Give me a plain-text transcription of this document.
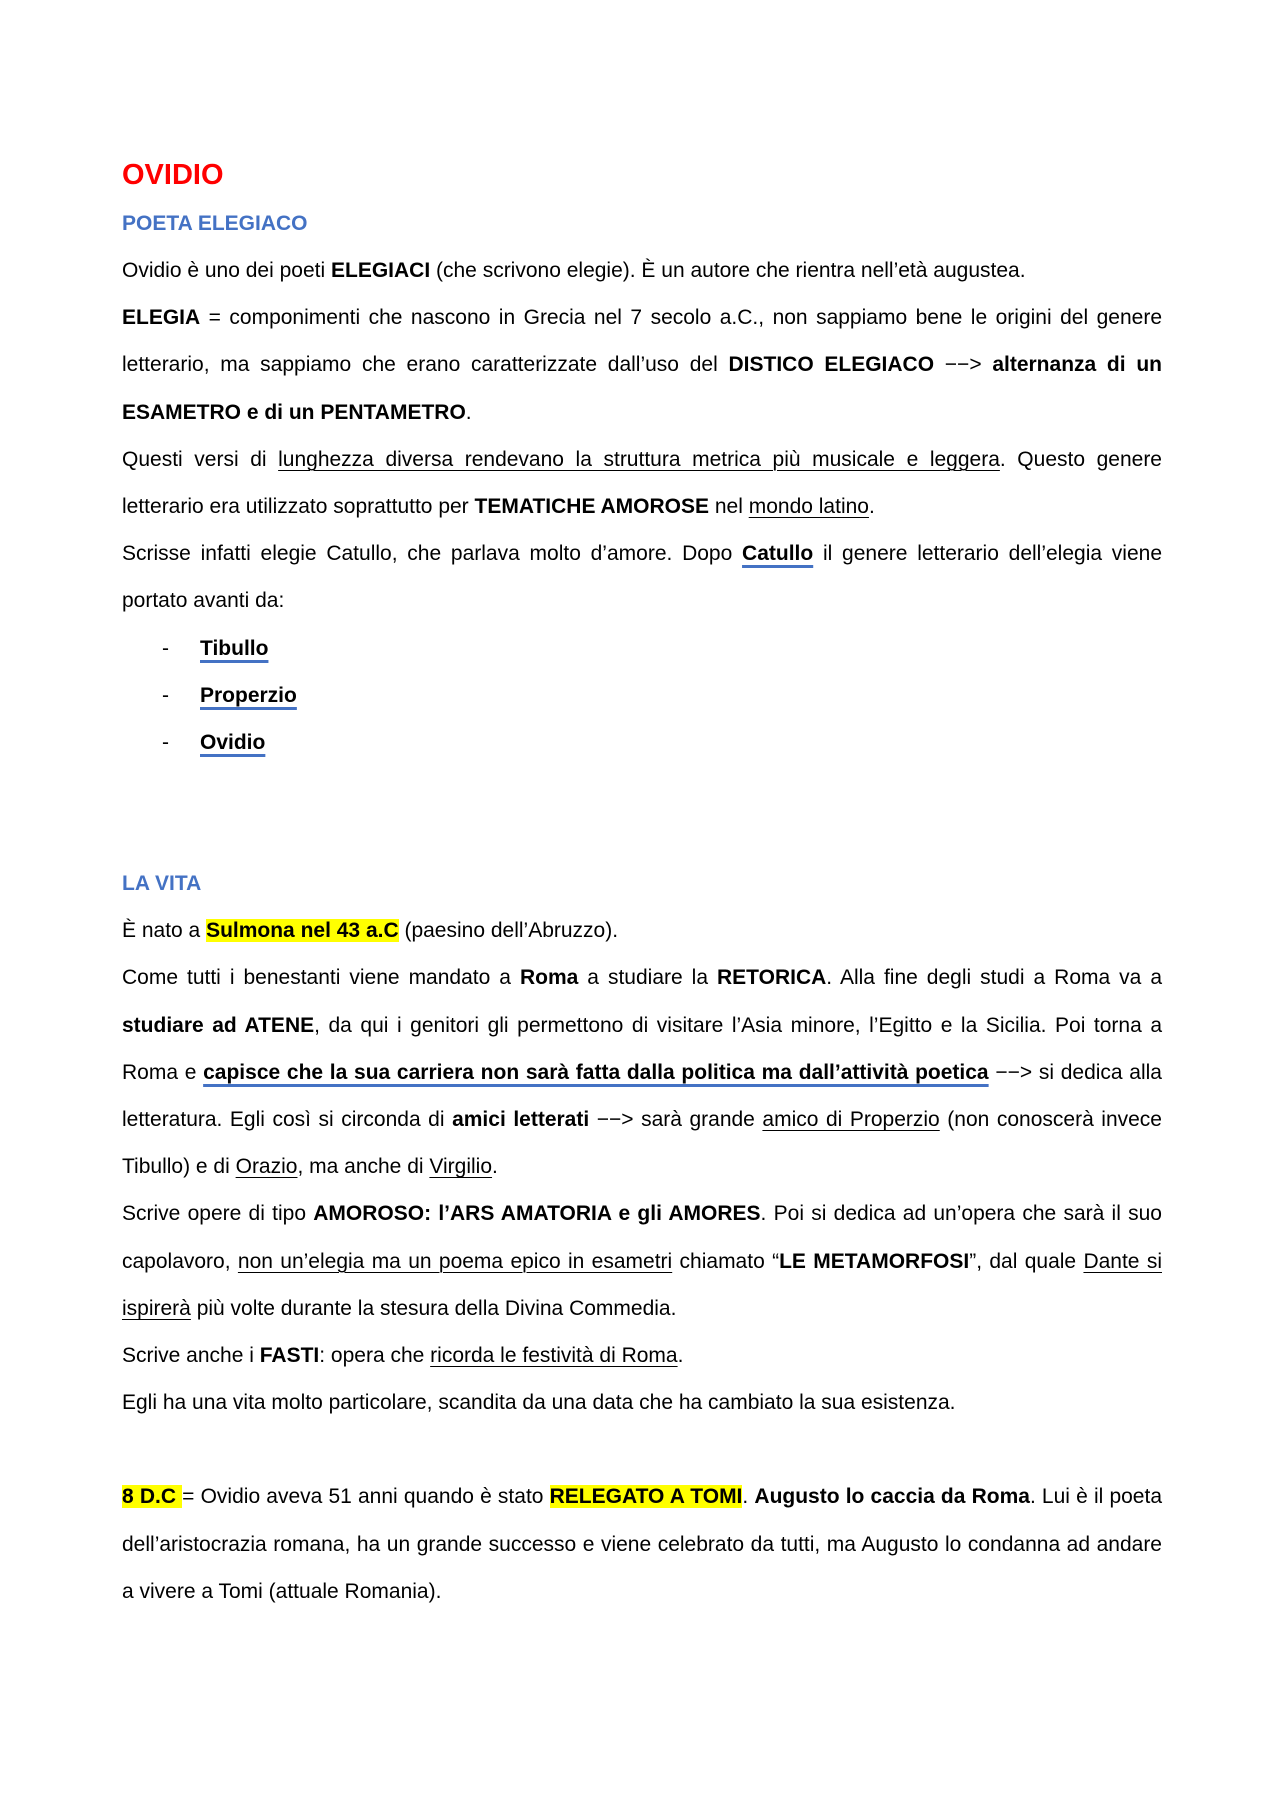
OVIDIO
POETA ELEGIACO

Ovidio è uno dei poeti ELEGIACI (che scrivono elegie). È un autore che rientra nell’età augustea.

ELEGIA = componimenti che nascono in Grecia nel 7 secolo a.C., non sappiamo bene le origini del genere letterario, ma sappiamo che erano caratterizzate dall’uso del DISTICO ELEGIACO −−> alternanza di un ESAMETRO e di un PENTAMETRO.

Questi versi di lunghezza diversa rendevano la struttura metrica più musicale e leggera. Questo genere letterario era utilizzato soprattutto per TEMATICHE AMOROSE nel mondo latino.

Scrisse infatti elegie Catullo, che parlava molto d’amore. Dopo Catullo il genere letterario dell’elegia viene portato avanti da:

- Tibullo
- Properzio
- Ovidio
LA VITA

È nato a Sulmona nel 43 a.C (paesino dell’Abruzzo).

Come tutti i benestanti viene mandato a Roma a studiare la RETORICA. Alla fine degli studi a Roma va a studiare ad ATENE, da qui i genitori gli permettono di visitare l’Asia minore, l’Egitto e la Sicilia. Poi torna a Roma e capisce che la sua carriera non sarà fatta dalla politica ma dall’attività poetica −−> si dedica alla letteratura. Egli così si circonda di amici letterati −−> sarà grande amico di Properzio (non conoscerà invece Tibullo) e di Orazio, ma anche di Virgilio.

Scrive opere di tipo AMOROSO: l’ARS AMATORIA e gli AMORES. Poi si dedica ad un’opera che sarà il suo capolavoro, non un’elegia ma un poema epico in esametri chiamato “LE METAMORFOSI”, dal quale Dante si ispirerà più volte durante la stesura della Divina Commedia.

Scrive anche i FASTI: opera che ricorda le festività di Roma.

Egli ha una vita molto particolare, scandita da una data che ha cambiato la sua esistenza.

8 D.C = Ovidio aveva 51 anni quando è stato RELEGATO A TOMI. Augusto lo caccia da Roma. Lui è il poeta dell’aristocrazia romana, ha un grande successo e viene celebrato da tutti, ma Augusto lo condanna ad andare a vivere a Tomi (attuale Romania).
